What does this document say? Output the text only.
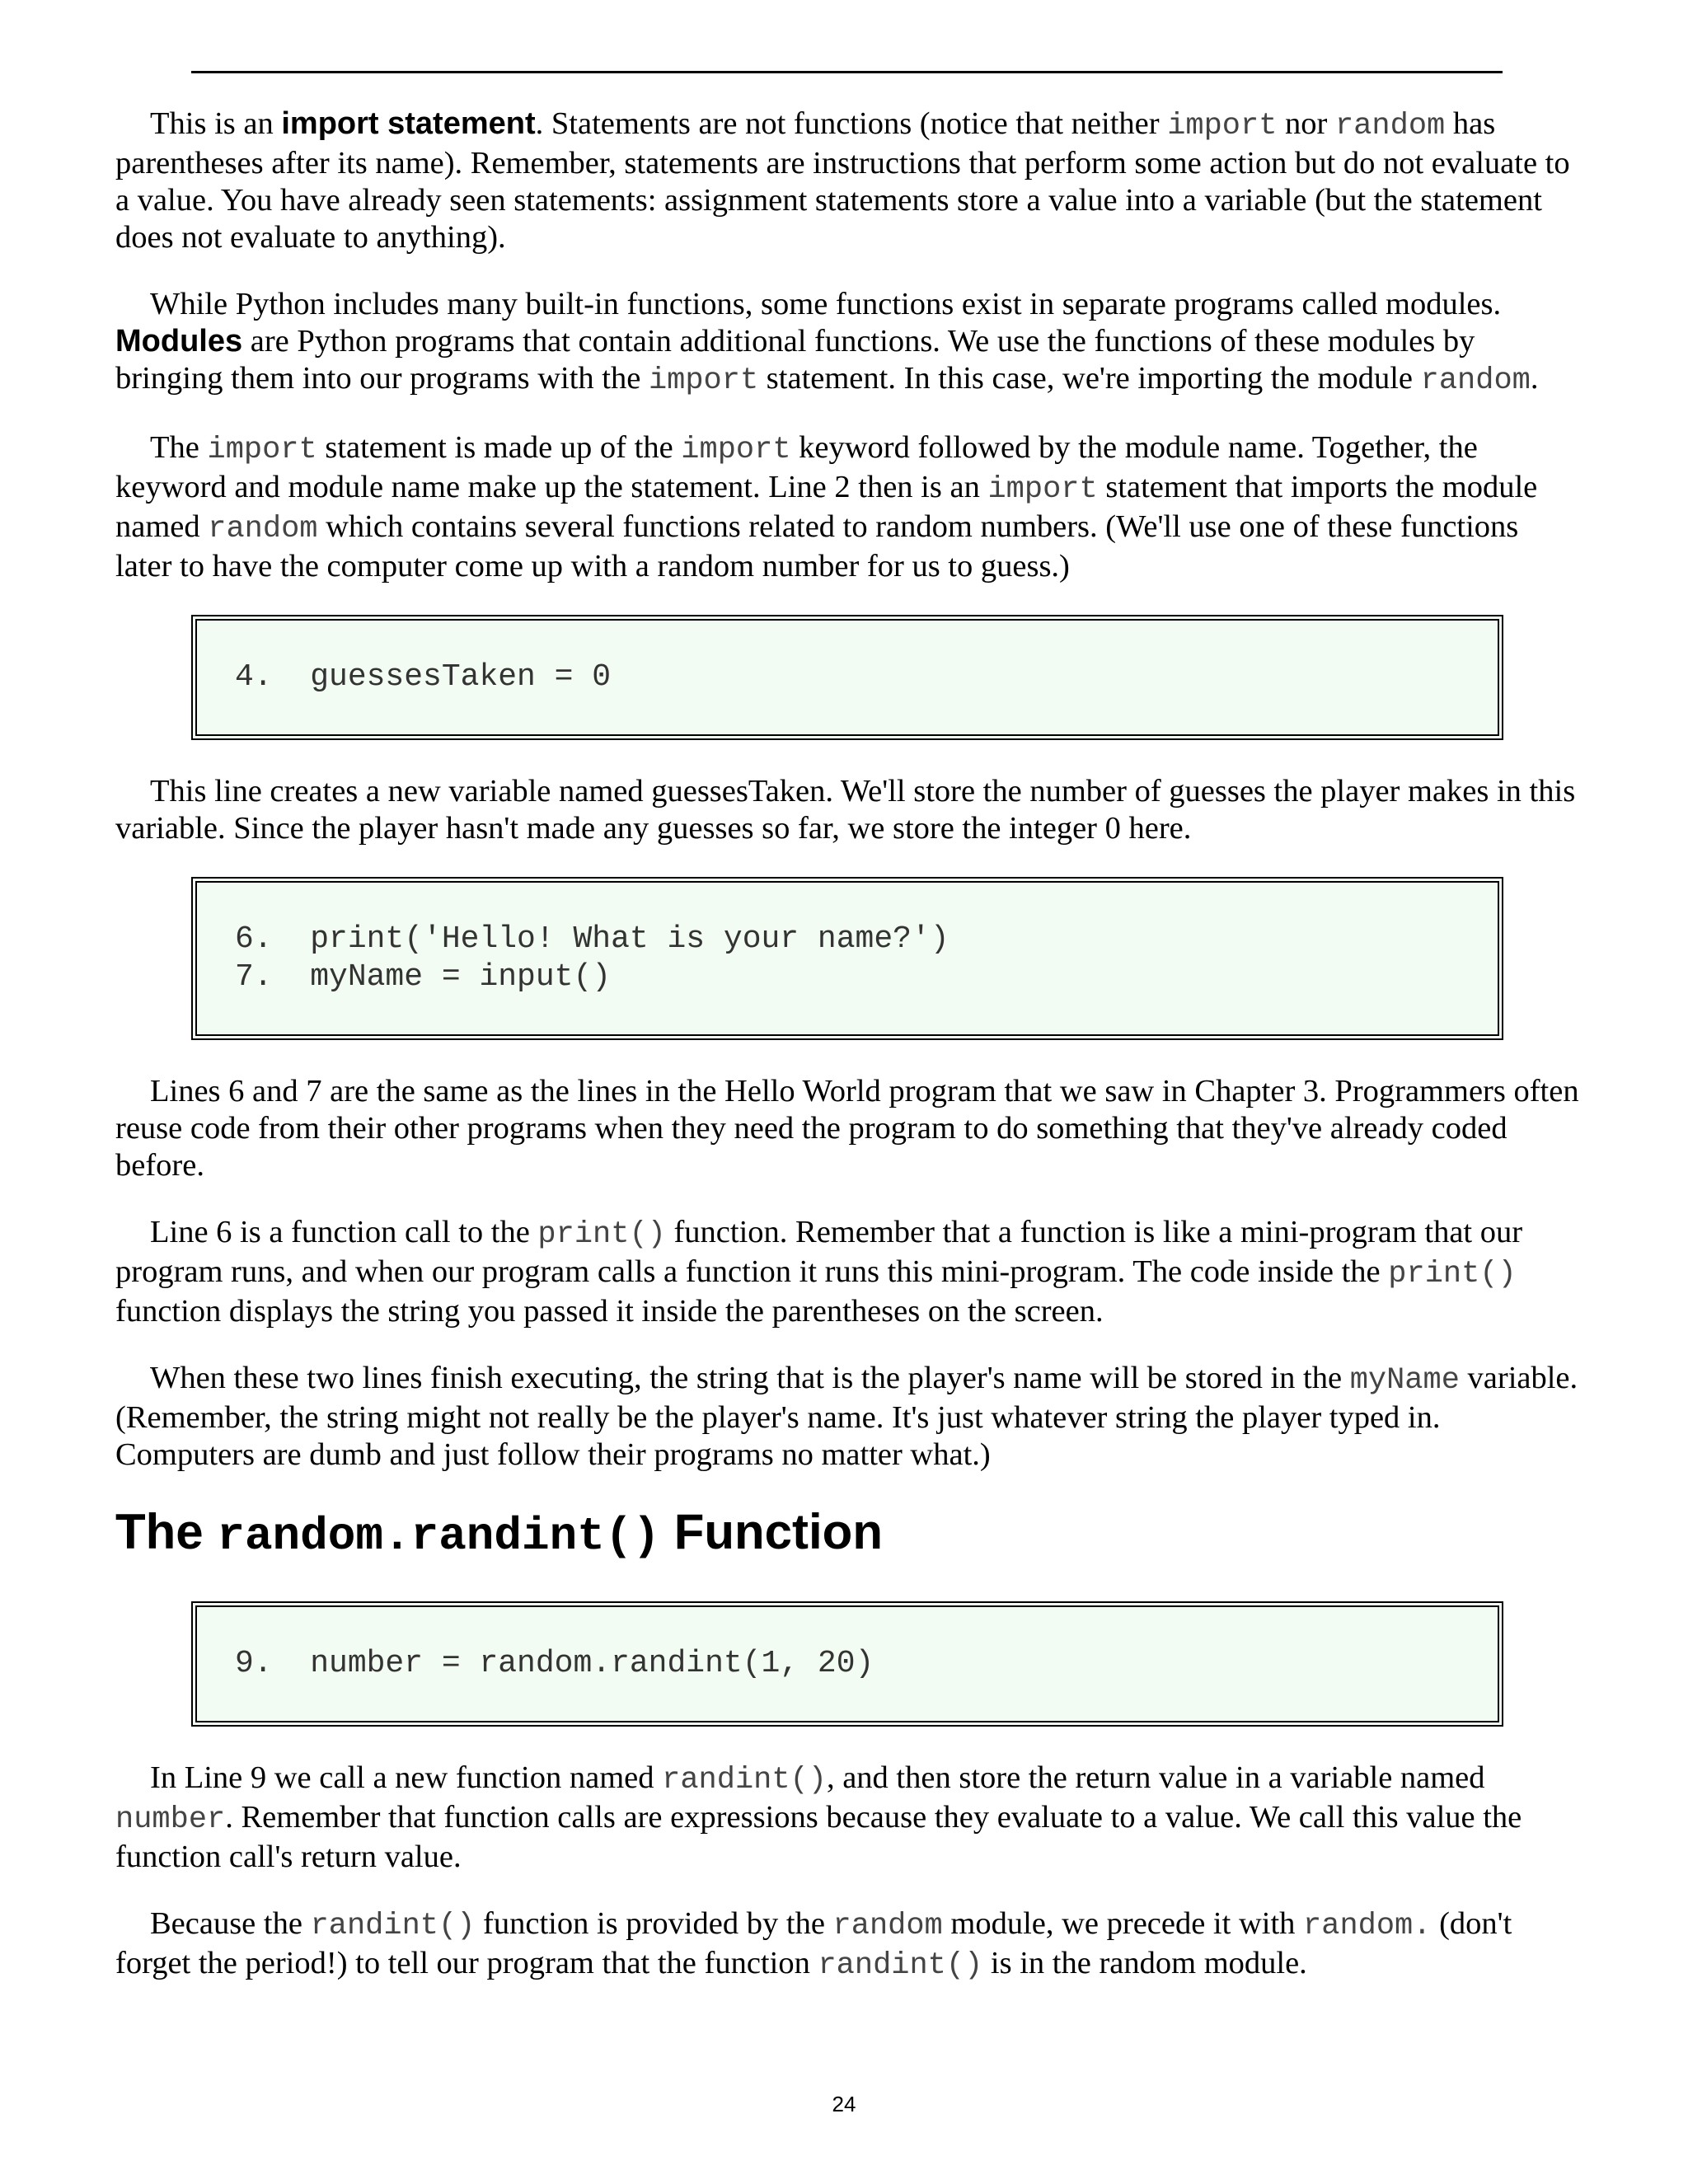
This is an import statement. Statements are not functions (notice that neither import nor random has parentheses after its name). Remember, statements are instructions that perform some action but do not evaluate to a value. You have already seen statements: assignment statements store a value into a variable (but the statement does not evaluate to anything).

While Python includes many built-in functions, some functions exist in separate programs called modules. Modules are Python programs that contain additional functions. We use the functions of these modules by bringing them into our programs with the import statement. In this case, we're importing the module random.

The import statement is made up of the import keyword followed by the module name. Together, the keyword and module name make up the statement. Line 2 then is an import statement that imports the module named random which contains several functions related to random numbers. (We'll use one of these functions later to have the computer come up with a random number for us to guess.)

4.  guessesTaken = 0

This line creates a new variable named guessesTaken. We'll store the number of guesses the player makes in this variable. Since the player hasn't made any guesses so far, we store the integer 0 here.

6.  print('Hello! What is your name?')
7.  myName = input()

Lines 6 and 7 are the same as the lines in the Hello World program that we saw in Chapter 3. Programmers often reuse code from their other programs when they need the program to do something that they've already coded before.

Line 6 is a function call to the print() function. Remember that a function is like a mini-program that our program runs, and when our program calls a function it runs this mini-program. The code inside the print() function displays the string you passed it inside the parentheses on the screen.

When these two lines finish executing, the string that is the player's name will be stored in the myName variable. (Remember, the string might not really be the player's name. It's just whatever string the player typed in. Computers are dumb and just follow their programs no matter what.)

The random.randint() Function
9.  number = random.randint(1, 20)

In Line 9 we call a new function named randint(), and then store the return value in a variable named number. Remember that function calls are expressions because they evaluate to a value. We call this value the function call's return value.

Because the randint() function is provided by the random module, we precede it with random. (don't forget the period!) to tell our program that the function randint() is in the random module.

24
